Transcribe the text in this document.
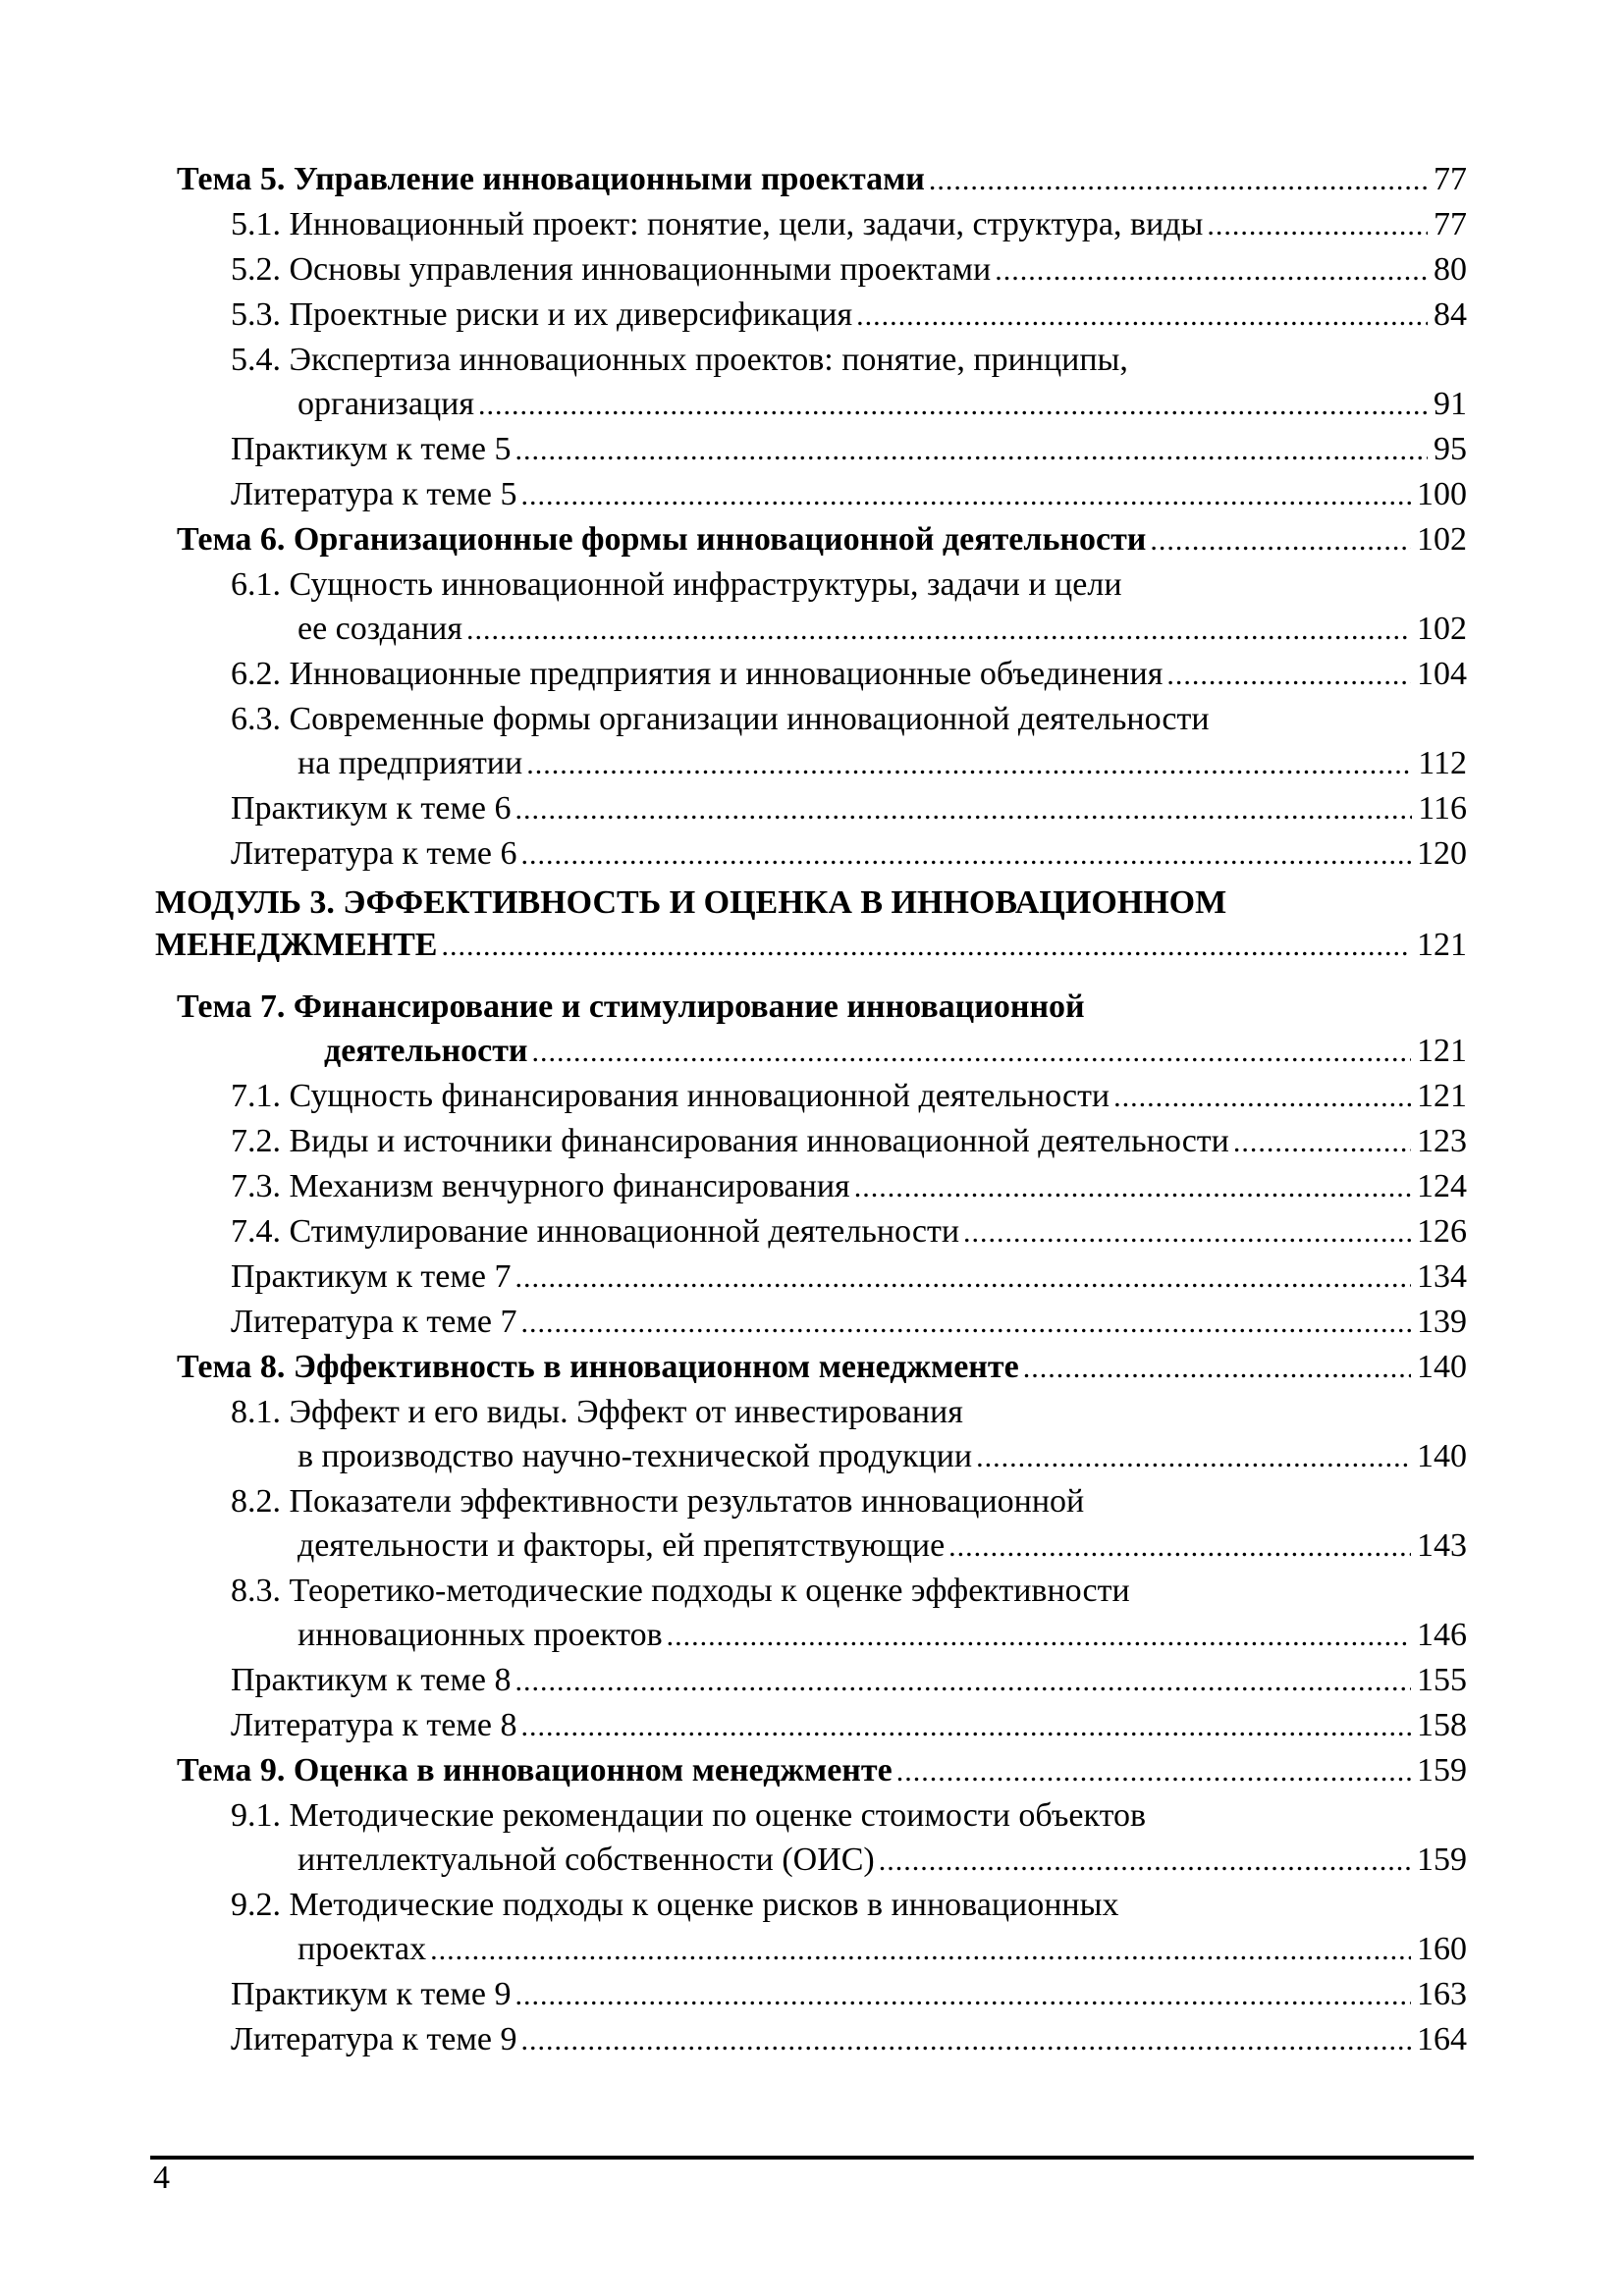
Тема 5. Управление инновационными проектами .....	77
5.1. Инновационный проект: понятие, цели, задачи, структура, виды .....	77
5.2. Основы управления инновационными проектами .....	80
5.3. Проектные риски и их диверсификация .....	84
5.4. Экспертиза инновационных проектов: понятие, принципы,
организация .....	91
Практикум к теме 5 .....	95
Литература к теме 5 .....	100
Тема 6. Организационные формы инновационной деятельности .....	102
6.1. Сущность инновационной инфраструктуры, задачи и цели
ее создания .....	102
6.2. Инновационные предприятия и инновационные объединения .....	104
6.3. Современные формы организации инновационной деятельности
на предприятии .....	112
Практикум к теме 6 .....	116
Литература к теме 6 .....	120
МОДУЛЬ 3. ЭФФЕКТИВНОСТЬ И ОЦЕНКА В ИННОВАЦИОННОМ
МЕНЕДЖМЕНТЕ .....	121
Тема 7. Финансирование и стимулирование инновационной
деятельности .....	121
7.1. Сущность финансирования инновационной деятельности .....	121
7.2. Виды и источники финансирования инновационной деятельности .....	123
7.3. Механизм венчурного финансирования .....	124
7.4. Стимулирование инновационной деятельности .....	126
Практикум к теме 7 .....	134
Литература к теме 7 .....	139
Тема 8. Эффективность в инновационном менеджменте .....	140
8.1. Эффект и его виды. Эффект от инвестирования
в производство научно-технической продукции .....	140
8.2. Показатели эффективности результатов инновационной
деятельности и факторы, ей препятствующие .....	143
8.3. Теоретико-методические подходы к оценке эффективности
инновационных проектов .....	146
Практикум к теме 8 .....	155
Литература к теме 8 .....	158
Тема 9. Оценка в инновационном менеджменте .....	159
9.1. Методические рекомендации по оценке стоимости объектов
интеллектуальной собственности (ОИС) .....	159
9.2. Методические подходы к оценке рисков в инновационных
проектах .....	160
Практикум к теме 9 .....	163
Литература к теме 9 .....	164
4
